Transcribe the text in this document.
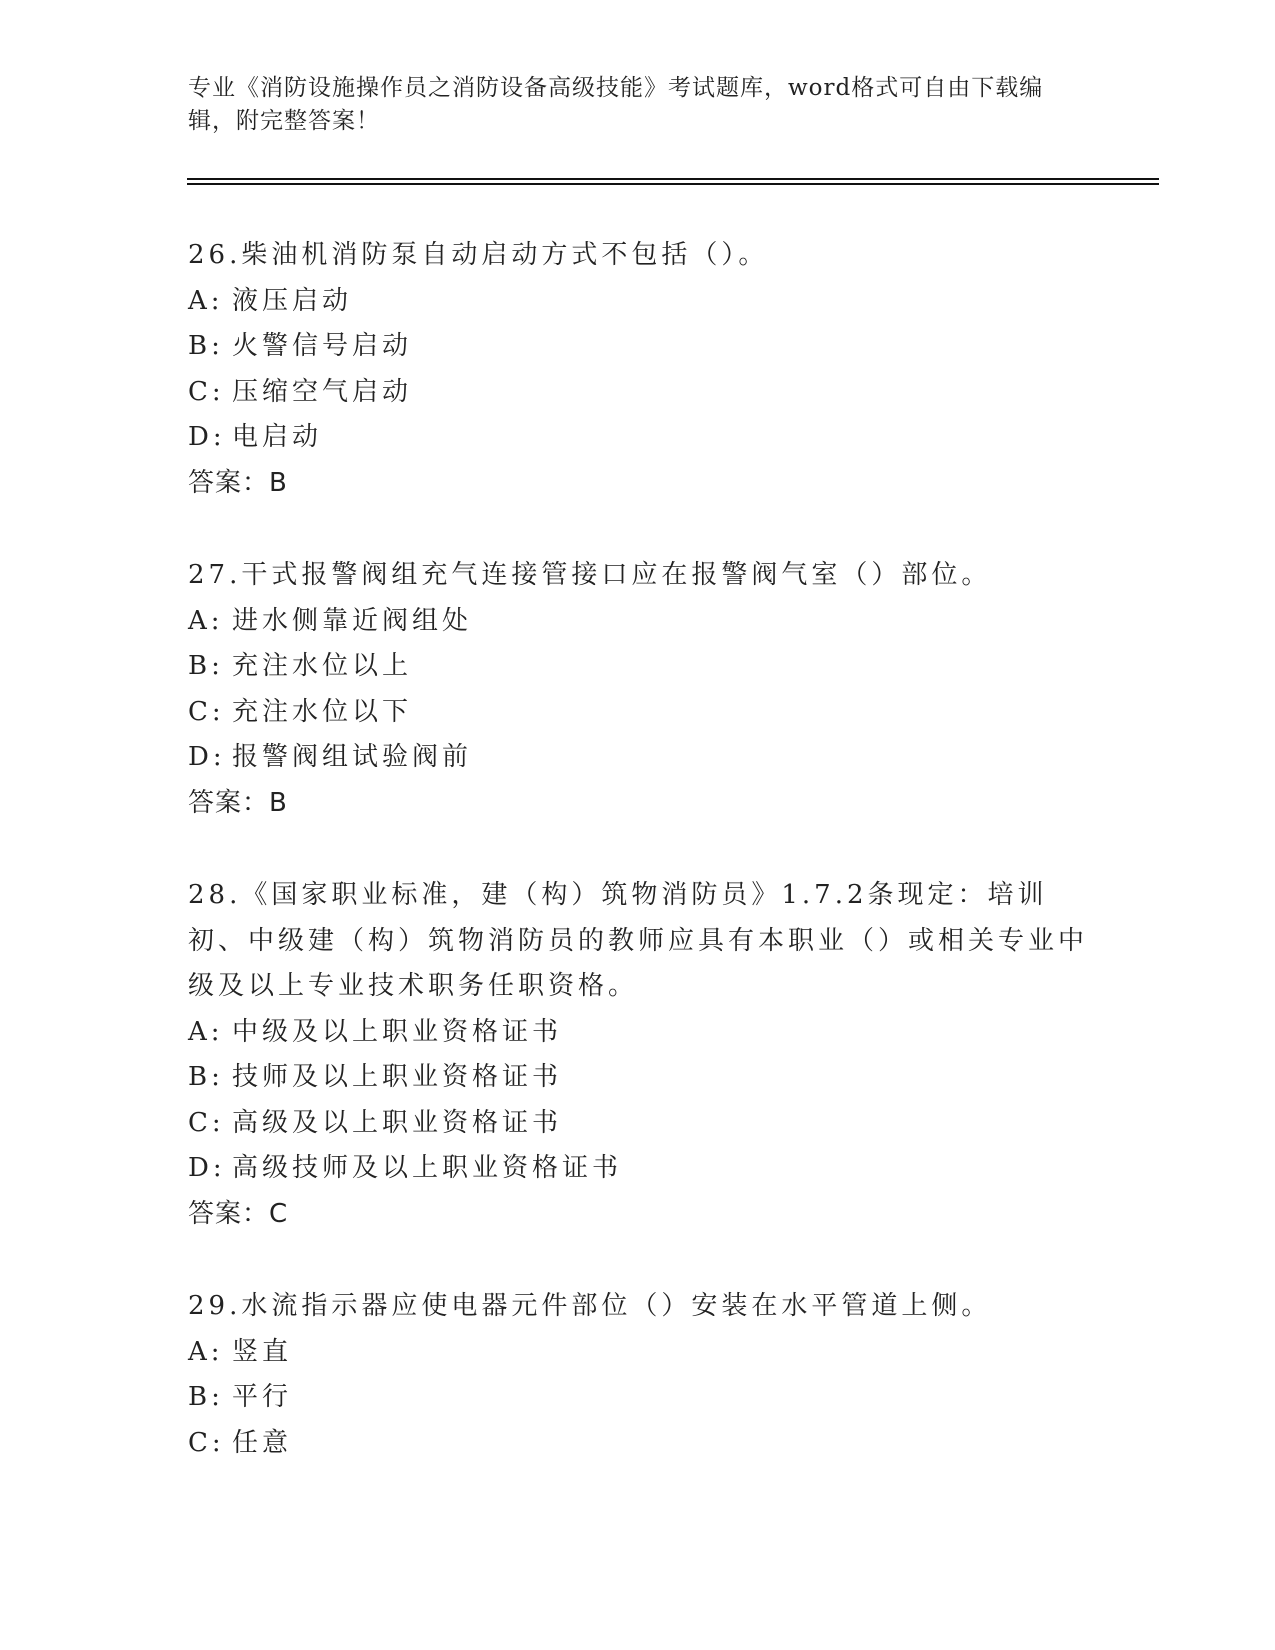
专业《消防设施操作员之消防设备高级技能》考试题库，word格式可自由下载编辑，附完整答案！
26.柴油机消防泵自动启动方式不包括（）。
A: 液压启动
B: 火警信号启动
C: 压缩空气启动
D: 电启动
答案：B
27.干式报警阀组充气连接管接口应在报警阀气室（）部位。
A: 进水侧靠近阀组处
B: 充注水位以上
C: 充注水位以下
D: 报警阀组试验阀前
答案：B
28.《国家职业标准，建（构）筑物消防员》1.7.2条现定：培训初、中级建（构）筑物消防员的教师应具有本职业（）或相关专业中级及以上专业技术职务任职资格。
A: 中级及以上职业资格证书
B: 技师及以上职业资格证书
C: 高级及以上职业资格证书
D: 高级技师及以上职业资格证书
答案：C
29.水流指示器应使电器元件部位（）安装在水平管道上侧。
A: 竖直
B: 平行
C: 任意
